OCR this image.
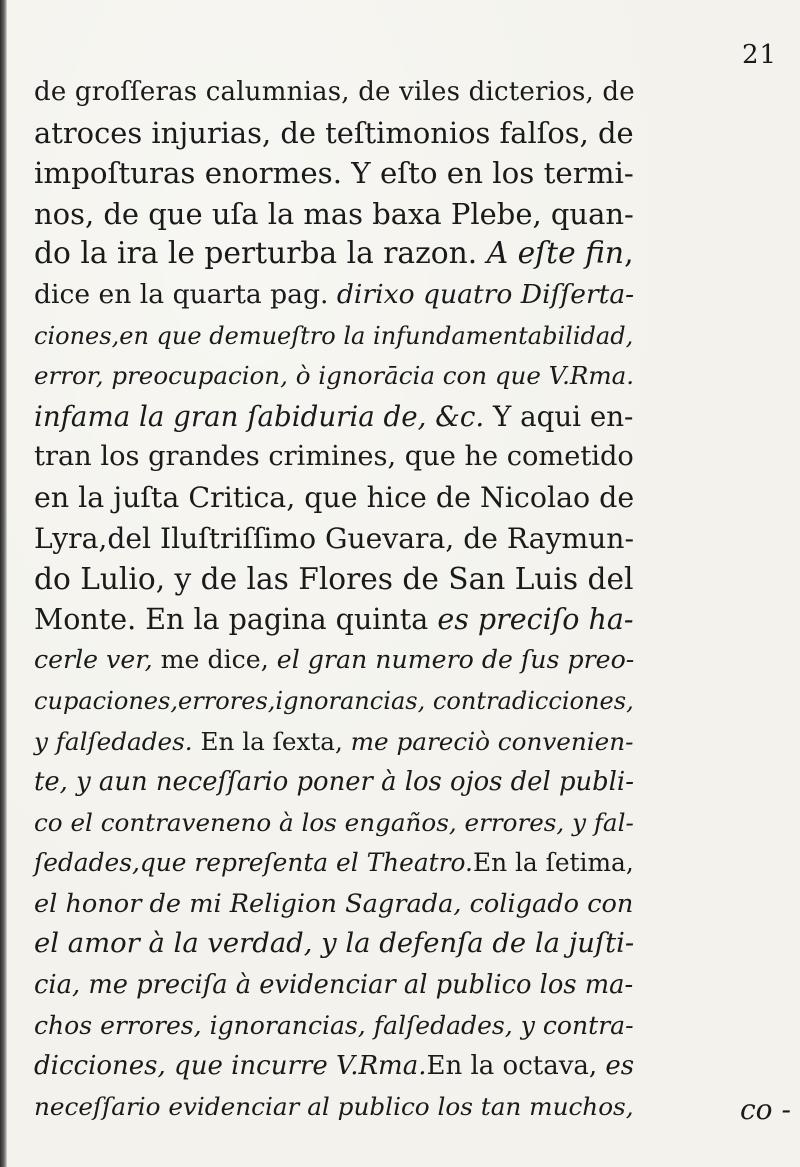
21
de groſſeras calumnias, de viles dicterios, de
atroces injurias, de teſtimonios falſos, de
impoſturas enormes. Y eſto en los termi-
nos, de que uſa la mas baxa Plebe, quan-
do la ira le perturba la razon. A eſte fin,
dice en la quarta pag. dirixo quatro Diſſerta-
ciones,en que demueſtro la infundamentabilidad,
error, preocupacion, ò ignorācia con que V.Rma.
infama la gran ſabiduria de, &c. Y aqui en-
tran los grandes crimines, que he cometido
en la juſta Critica, que hice de Nicolao de
Lyra,del Iluſtriſſimo Guevara, de Raymun-
do Lulio, y de las Flores de San Luis del
Monte. En la pagina quinta es preciſo ha-
cerle ver, me dice, el gran numero de ſus preo-
cupaciones,errores,ignorancias, contradicciones,
y falſedades. En la ſexta, me pareciò convenien-
te, y aun neceſſario poner à los ojos del publi-
co el contraveneno à los engaños, errores, y fal-
ſedades,que repreſenta el Theatro.En la ſetima,
el honor de mi Religion Sagrada, coligado con
el amor à la verdad, y la defenſa de la juſti-
cia, me preciſa à evidenciar al publico los ma-
chos errores, ignorancias, falſedades, y contra-
dicciones, que incurre V.Rma.En la octava, es
neceſſario evidenciar al publico los tan muchos,	co -
